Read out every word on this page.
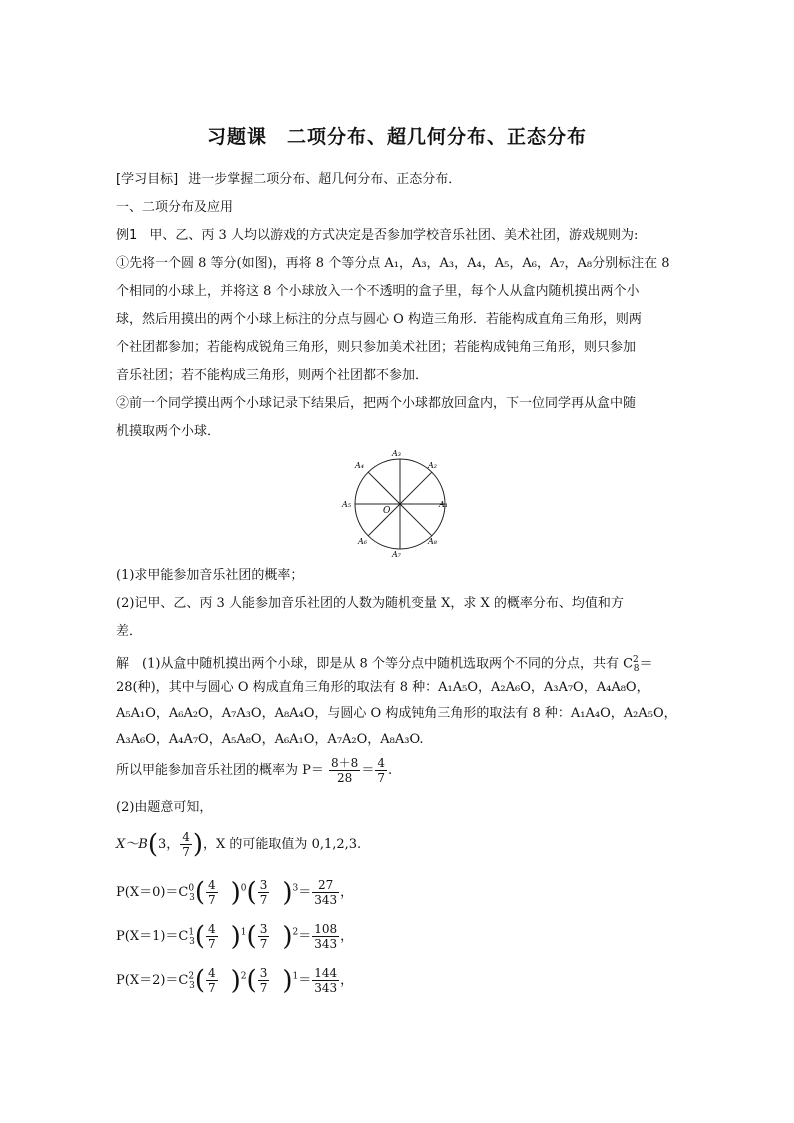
习题课　二项分布、超几何分布、正态分布
[学习目标] 进一步掌握二项分布、超几何分布、正态分布．
一、二项分布及应用
例1 甲、乙、丙 3 人均以游戏的方式决定是否参加学校音乐社团、美术社团，游戏规则为:
①先将一个圆 8 等分(如图)，再将 8 个等分点 A₁，A₃，A₃，A₄，A₅，A₆，A₇，A₈分别标注在 8
个相同的小球上，并将这 8 个小球放入一个不透明的盒子里，每个人从盒内随机摸出两个小
球，然后用摸出的两个小球上标注的分点与圆心 O 构造三角形．若能构成直角三角形，则两
个社团都参加；若能构成锐角三角形，则只参加美术社团；若能构成钝角三角形，则只参加
音乐社团；若不能构成三角形，则两个社团都不参加．
②前一个同学摸出两个小球记录下结果后，把两个小球都放回盒内，下一位同学再从盒中随
机摸取两个小球．
A₁
A₂
A₃
A₄
A₅
A₆
A₇
A₈
O
(1)求甲能参加音乐社团的概率；
(2)记甲、乙、丙 3 人能参加音乐社团的人数为随机变量 X，求 X 的概率分布、均值和方
差．
解　(1)从盒中随机摸出两个小球，即是从 8 个等分点中随机选取两个不同的分点，共有 $C^2_8=$
28(种)，其中与圆心 O 构成直角三角形的取法有 8 种：A₁A₅O，A₂A₆O，A₃A₇O，A₄A₈O，
A₅A₁O，A₆A₂O，A₇A₃O，A₈A₄O，与圆心 O 构成钝角三角形的取法有 8 种：A₁A₄O，A₂A₅O，
A₃A₆O，A₄A₇O，A₅A₈O，A₆A₁O，A₇A₂O，A₈A₃O.
所以甲能参加音乐社团的概率为 $P= \frac{8+8}{28} = \frac{4}{7}$ .
(2)由题意可知，
X～B(3， $\frac{4}{7}$ )，X 的可能取值为 0,1,2,3.
$P(X=0)=C^0_3( \frac{4}{7} )^0( \frac{3}{7} )^3= \frac{27}{343}$ ，
$P(X=1)=C^1_3( \frac{4}{7} )^1( \frac{3}{7} )^2= \frac{108}{343}$ ，
$P(X=2)=C^2_3( \frac{4}{7} )^2( \frac{3}{7} )^1= \frac{144}{343}$ ，
